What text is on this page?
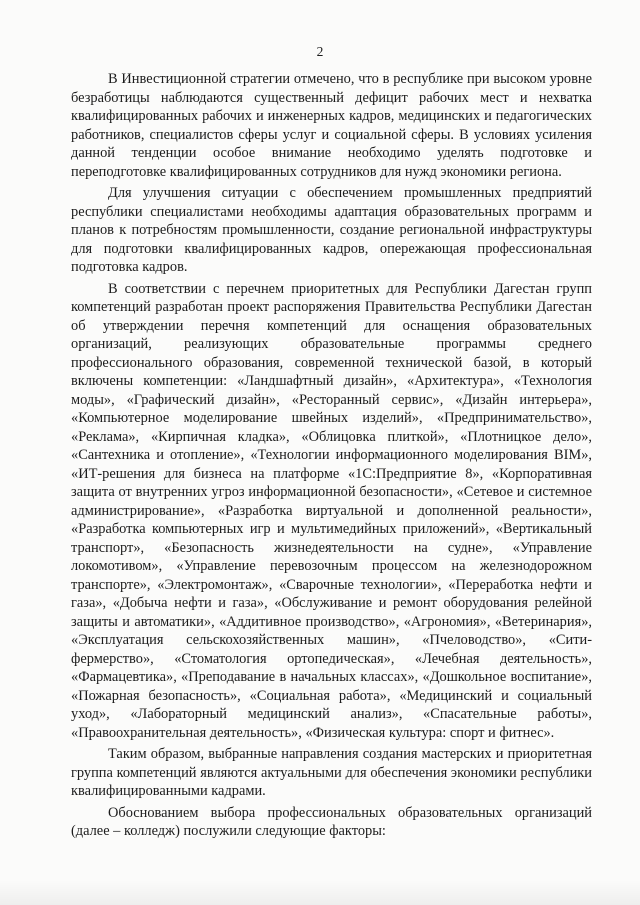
2

В Инвестиционной стратегии отмечено, что в республике при высоком уровне безработицы наблюдаются существенный дефицит рабочих мест и нехватка квалифицированных рабочих и инженерных кадров, медицинских и педагогических работников, специалистов сферы услуг и социальной сферы. В условиях усиления данной тенденции особое внимание необходимо уделять подготовке и переподготовке квалифицированных сотрудников для нужд экономики региона.

Для улучшения ситуации с обеспечением промышленных предприятий республики специалистами необходимы адаптация образовательных программ и планов к потребностям промышленности, создание региональной инфраструктуры для подготовки квалифицированных кадров, опережающая профессиональная подготовка кадров.

В соответствии с перечнем приоритетных для Республики Дагестан групп компетенций разработан проект распоряжения Правительства Республики Дагестан об утверждении перечня компетенций для оснащения образовательных организаций, реализующих образовательные программы среднего профессионального образования, современной технической базой, в который включены компетенции: «Ландшафтный дизайн», «Архитектура», «Технология моды», «Графический дизайн», «Ресторанный сервис», «Дизайн интерьера», «Компьютерное моделирование швейных изделий», «Предпринимательство», «Реклама», «Кирпичная кладка», «Облицовка плиткой», «Плотницкое дело», «Сантехника и отопление», «Технологии информационного моделирования BIM», «ИТ-решения для бизнеса на платформе «1С:Предприятие 8», «Корпоративная защита от внутренних угроз информационной безопасности», «Сетевое и системное администрирование», «Разработка виртуальной и дополненной реальности», «Разработка компьютерных игр и мультимедийных приложений», «Вертикальный транспорт», «Безопасность жизнедеятельности на судне», «Управление локомотивом», «Управление перевозочным процессом на железнодорожном транспорте», «Электромонтаж», «Сварочные технологии», «Переработка нефти и газа», «Добыча нефти и газа», «Обслуживание и ремонт оборудования релейной защиты и автоматики», «Аддитивное производство», «Агрономия», «Ветеринария», «Эксплуатация сельскохозяйственных машин», «Пчеловодство», «Сити-фермерство», «Стоматология ортопедическая», «Лечебная деятельность», «Фармацевтика», «Преподавание в начальных классах», «Дошкольное воспитание», «Пожарная безопасность», «Социальная работа», «Медицинский и социальный уход», «Лабораторный медицинский анализ», «Спасательные работы», «Правоохранительная деятельность», «Физическая культура: спорт и фитнес».

Таким образом, выбранные направления создания мастерских и приоритетная группа компетенций являются актуальными для обеспечения экономики республики квалифицированными кадрами.

Обоснованием выбора профессиональных образовательных организаций (далее – колледж) послужили следующие факторы:
